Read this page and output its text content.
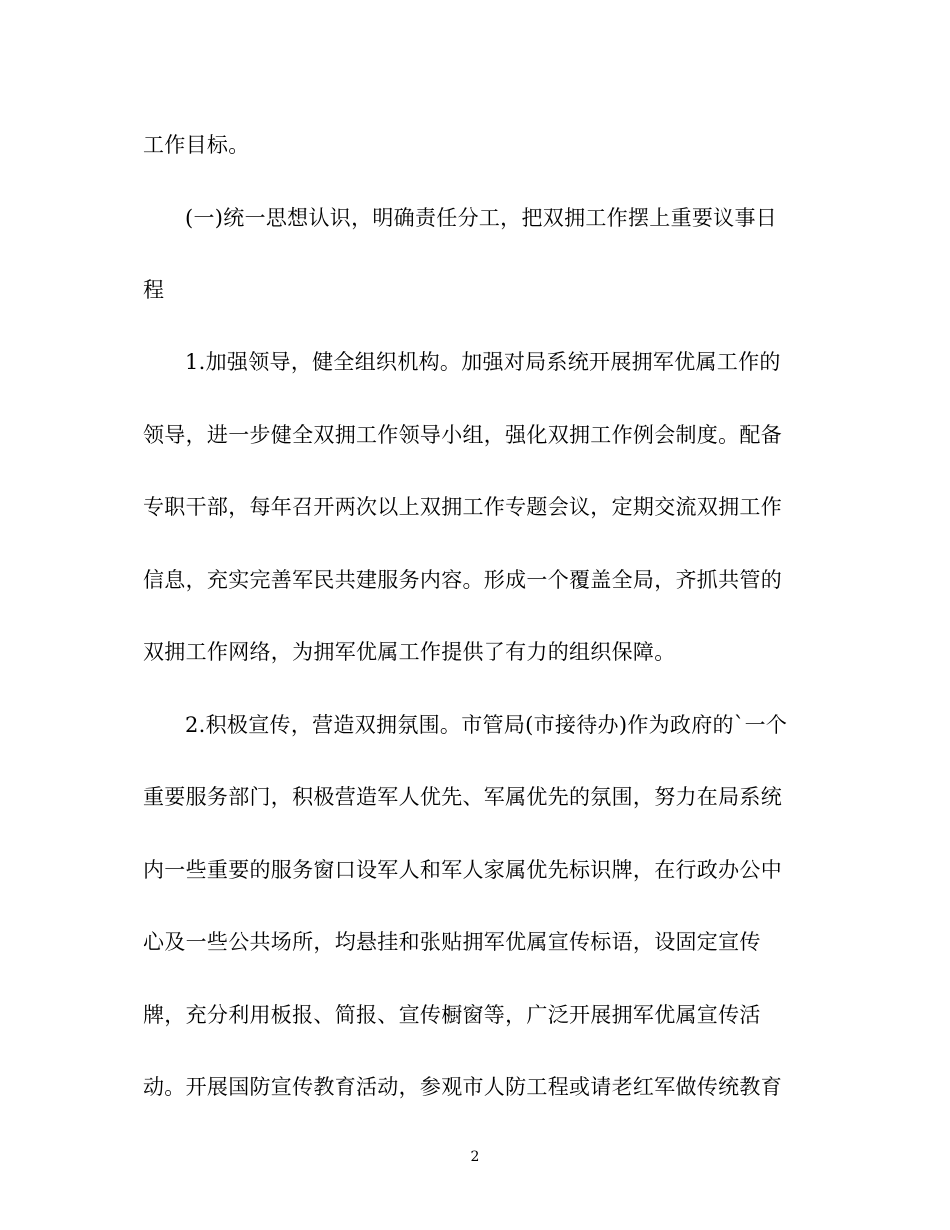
工作目标。
(一)统一思想认识，明确责任分工，把双拥工作摆上重要议事日
程
1.加强领导，健全组织机构。加强对局系统开展拥军优属工作的
领导，进一步健全双拥工作领导小组，强化双拥工作例会制度。配备
专职干部，每年召开两次以上双拥工作专题会议，定期交流双拥工作
信息，充实完善军民共建服务内容。形成一个覆盖全局，齐抓共管的
双拥工作网络，为拥军优属工作提供了有力的组织保障。
2.积极宣传，营造双拥氛围。市管局(市接待办)作为政府的`一个
重要服务部门，积极营造军人优先、军属优先的氛围，努力在局系统
内一些重要的服务窗口设军人和军人家属优先标识牌，在行政办公中
心及一些公共场所，均悬挂和张贴拥军优属宣传标语，设固定宣传
牌，充分利用板报、简报、宣传橱窗等，广泛开展拥军优属宣传活
动。开展国防宣传教育活动，参观市人防工程或请老红军做传统教育
2
